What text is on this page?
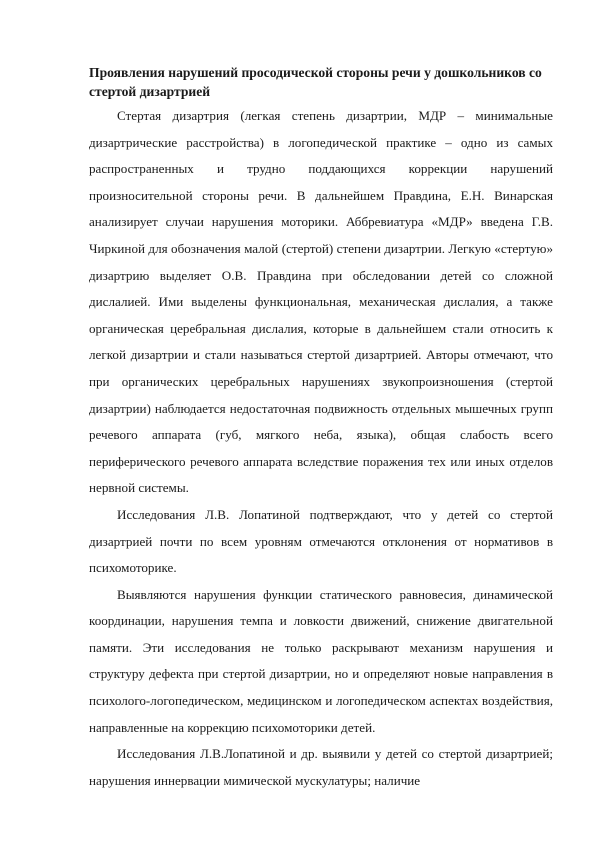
Проявления нарушений просодической стороны речи у дошкольников со стертой дизартрией

Стертая дизартрия (легкая степень дизартрии, МДР – минимальные дизартрические расстройства) в логопедической практике – одно из самых распространенных и трудно поддающихся коррекции нарушений произносительной стороны речи. В дальнейшем Правдина, Е.Н. Винарская анализирует случаи нарушения моторики. Аббревиатура «МДР» введена Г.В. Чиркиной для обозначения малой (стертой) степени дизартрии. Легкую «стертую» дизартрию выделяет О.В. Правдина при обследовании детей со сложной дислалией. Ими выделены функциональная, механическая дислалия, а также органическая церебральная дислалия, которые в дальнейшем стали относить к легкой дизартрии и стали называться стертой дизартрией. Авторы отмечают, что при органических церебральных нарушениях звукопроизношения (стертой дизартрии) наблюдается недостаточная подвижность отдельных мышечных групп речевого аппарата (губ, мягкого неба, языка), общая слабость всего периферического речевого аппарата вследствие поражения тех или иных отделов нервной системы.

Исследования Л.В. Лопатиной подтверждают, что у детей со стертой дизартрией почти по всем уровням отмечаются отклонения от нормативов в психомоторике.

Выявляются нарушения функции статического равновесия, динамической координации, нарушения темпа и ловкости движений, снижение двигательной памяти. Эти исследования не только раскрывают механизм нарушения и структуру дефекта при стертой дизартрии, но и определяют новые направления в психолого-логопедическом, медицинском и логопедическом аспектах воздействия, направленные на коррекцию психомоторики детей.

Исследования Л.В.Лопатиной и др. выявили у детей со стертой дизартрией; нарушения иннервации мимической мускулатуры; наличие
